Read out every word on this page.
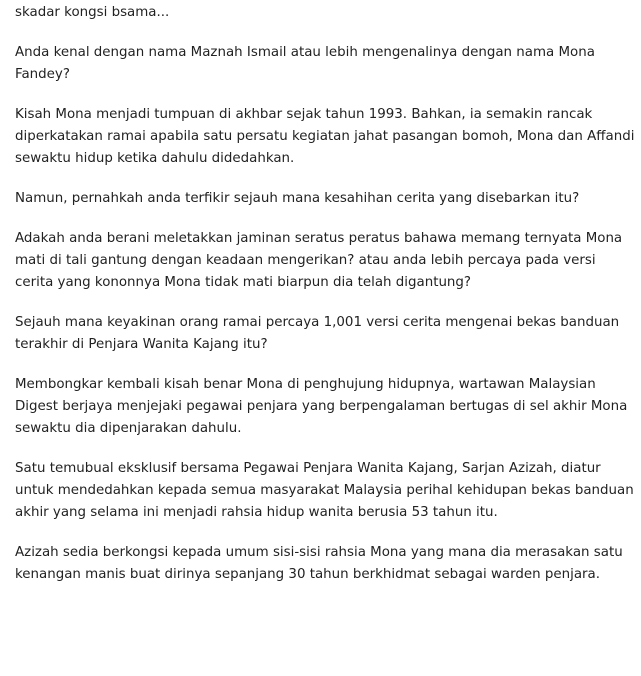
skadar kongsi bsama...

Anda kenal dengan nama Maznah Ismail atau lebih mengenalinya dengan nama Mona Fandey?

Kisah Mona menjadi tumpuan di akhbar sejak tahun 1993. Bahkan, ia semakin rancak diperkatakan ramai apabila satu persatu kegiatan jahat pasangan bomoh, Mona dan Affandi sewaktu hidup ketika dahulu didedahkan.

Namun, pernahkah anda terfikir sejauh mana kesahihan cerita yang disebarkan itu?

Adakah anda berani meletakkan jaminan seratus peratus bahawa memang ternyata Mona mati di tali gantung dengan keadaan mengerikan? atau anda lebih percaya pada versi cerita yang kononnya Mona tidak mati biarpun dia telah digantung?

Sejauh mana keyakinan orang ramai percaya 1,001 versi cerita mengenai bekas banduan terakhir di Penjara Wanita Kajang itu?

Membongkar kembali kisah benar Mona di penghujung hidupnya, wartawan Malaysian Digest berjaya menjejaki pegawai penjara yang berpengalaman bertugas di sel akhir Mona sewaktu dia dipenjarakan dahulu.

Satu temubual eksklusif bersama Pegawai Penjara Wanita Kajang, Sarjan Azizah, diatur untuk mendedahkan kepada semua masyarakat Malaysia perihal kehidupan bekas banduan akhir yang selama ini menjadi rahsia hidup wanita berusia 53 tahun itu.

Azizah sedia berkongsi kepada umum sisi-sisi rahsia Mona yang mana dia merasakan satu kenangan manis buat dirinya sepanjang 30 tahun berkhidmat sebagai warden penjara.
